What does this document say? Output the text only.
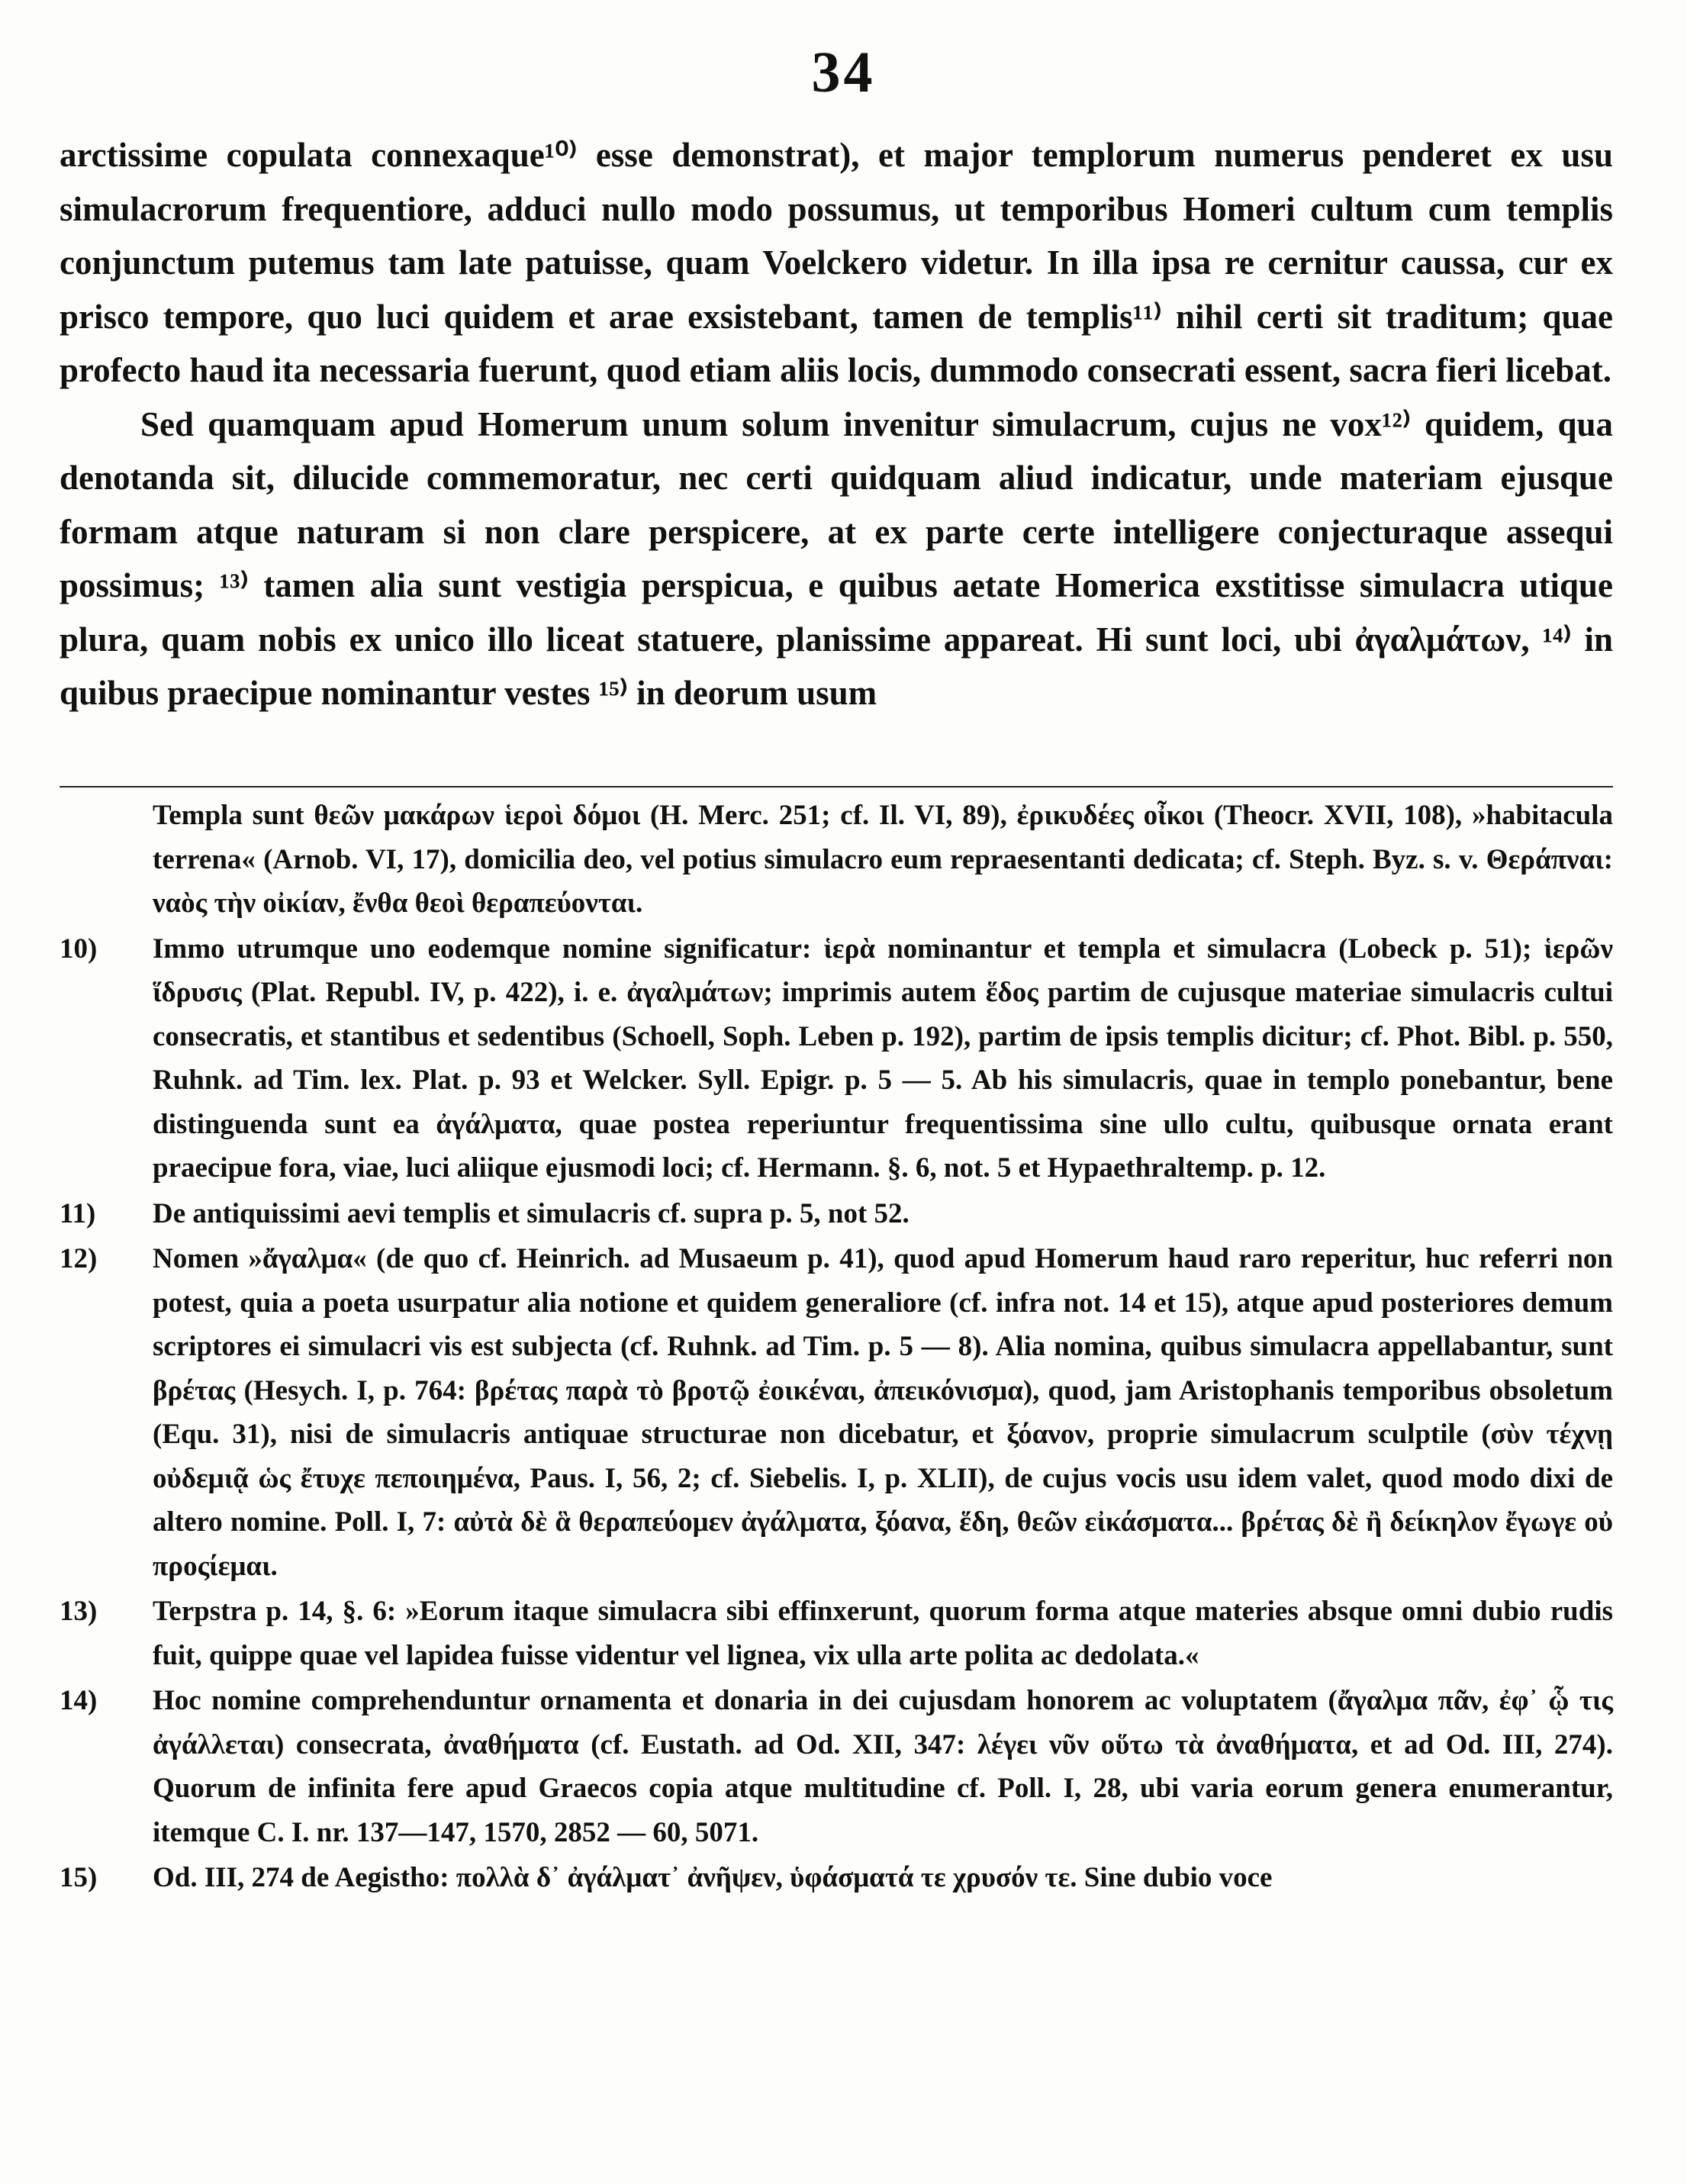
34

arctissime copulata connexaque¹⁰⁾ esse demonstrat), et major templorum numerus penderet ex usu simulacrorum frequentiore, adduci nullo modo possumus, ut temporibus Homeri cultum cum templis conjunctum putemus tam late patuisse, quam Voelckero videtur. In illa ipsa re cernitur caussa, cur ex prisco tempore, quo luci quidem et arae exsistebant, tamen de templis¹¹⁾ nihil certi sit traditum; quae profecto haud ita necessaria fuerunt, quod etiam aliis locis, dummodo consecrati essent, sacra fieri licebat.

Sed quamquam apud Homerum unum solum invenitur simulacrum, cujus ne vox¹²⁾ quidem, qua denotanda sit, dilucide commemoratur, nec certi quidquam aliud indicatur, unde materiam ejusque formam atque naturam si non clare perspicere, at ex parte certe intelligere conjecturaque assequi possimus; ¹³⁾ tamen alia sunt vestigia perspicua, e quibus aetate Homerica exstitisse simulacra utique plura, quam nobis ex unico illo liceat statuere, planissime appareat. Hi sunt loci, ubi ἀγαλμάτων, ¹⁴⁾ in quibus praecipue nominantur vestes ¹⁵⁾ in deorum usum

Templa sunt θεῶν μακάρων ἱεροὶ δόμοι (H. Merc. 251; cf. Il. VI, 89), ἐρικυδέες οἶκοι (Theocr. XVII, 108), »habitacula terrena« (Arnob. VI, 17), domicilia deo, vel potius simulacro eum repraesentanti dedicata; cf. Steph. Byz. s. v. Θεράπναι: ναὸς τὴν οἰκίαν, ἔνθα θεοὶ θεραπεύονται.
10)	Immo utrumque uno eodemque nomine significatur: ἱερὰ nominantur et templa et simulacra (Lobeck p. 51); ἱερῶν ἵδρυσις (Plat. Republ. IV, p. 422), i. e. ἀγαλμάτων; imprimis autem ἕδος partim de cujusque materiae simulacris cultui consecratis, et stantibus et sedentibus (Schoell, Soph. Leben p. 192), partim de ipsis templis dicitur; cf. Phot. Bibl. p. 550, Ruhnk. ad Tim. lex. Plat. p. 93 et Welcker. Syll. Epigr. p. 5 — 5. Ab his simulacris, quae in templo ponebantur, bene distinguenda sunt ea ἀγάλματα, quae postea reperiuntur frequentissima sine ullo cultu, quibusque ornata erant praecipue fora, viae, luci aliique ejusmodi loci; cf. Hermann. §. 6, not. 5 et Hypaethraltemp. p. 12.
11)	De antiquissimi aevi templis et simulacris cf. supra p. 5, not 52.
12)	Nomen »ἄγαλμα« (de quo cf. Heinrich. ad Musaeum p. 41), quod apud Homerum haud raro reperitur, huc referri non potest, quia a poeta usurpatur alia notione et quidem generaliore (cf. infra not. 14 et 15), atque apud posteriores demum scriptores ei simulacri vis est subjecta (cf. Ruhnk. ad Tim. p. 5 — 8). Alia nomina, quibus simulacra appellabantur, sunt βρέτας (Hesych. I, p. 764: βρέτας παρὰ τὸ βροτῷ ἐοικέναι, ἀπεικόνισμα), quod, jam Aristophanis temporibus obsoletum (Equ. 31), nisi de simulacris antiquae structurae non dicebatur, et ξόανον, proprie simulacrum sculptile (σὺν τέχνῃ οὐδεμιᾷ ὡς ἔτυχε πεποιημένα, Paus. I, 56, 2; cf. Siebelis. I, p. XLII), de cujus vocis usu idem valet, quod modo dixi de altero nomine. Poll. I, 7: αὐτὰ δὲ ἃ θεραπεύομεν ἀγάλματα, ξόανα, ἕδη, θεῶν εἰκάσματα... βρέτας δὲ ἢ δείκηλον ἔγωγε οὐ προςίεμαι.
13)	Terpstra p. 14, §. 6: »Eorum itaque simulacra sibi effinxerunt, quorum forma atque materies absque omni dubio rudis fuit, quippe quae vel lapidea fuisse videntur vel lignea, vix ulla arte polita ac dedolata.«
14)	Hoc nomine comprehenduntur ornamenta et donaria in dei cujusdam honorem ac voluptatem (ἄγαλμα πᾶν, ἐφ᾽ ᾧ τις ἀγάλλεται) consecrata, ἀναθήματα (cf. Eustath. ad Od. XII, 347: λέγει νῦν οὕτω τὰ ἀναθήματα, et ad Od. III, 274). Quorum de infinita fere apud Graecos copia atque multitudine cf. Poll. I, 28, ubi varia eorum genera enumerantur, itemque C. I. nr. 137—147, 1570, 2852 — 60, 5071.
15)	Od. III, 274 de Aegistho: πολλὰ δ᾽ ἀγάλματ᾽ ἀνῆψεν, ὑφάσματά τε χρυσόν τε. Sine dubio voce
